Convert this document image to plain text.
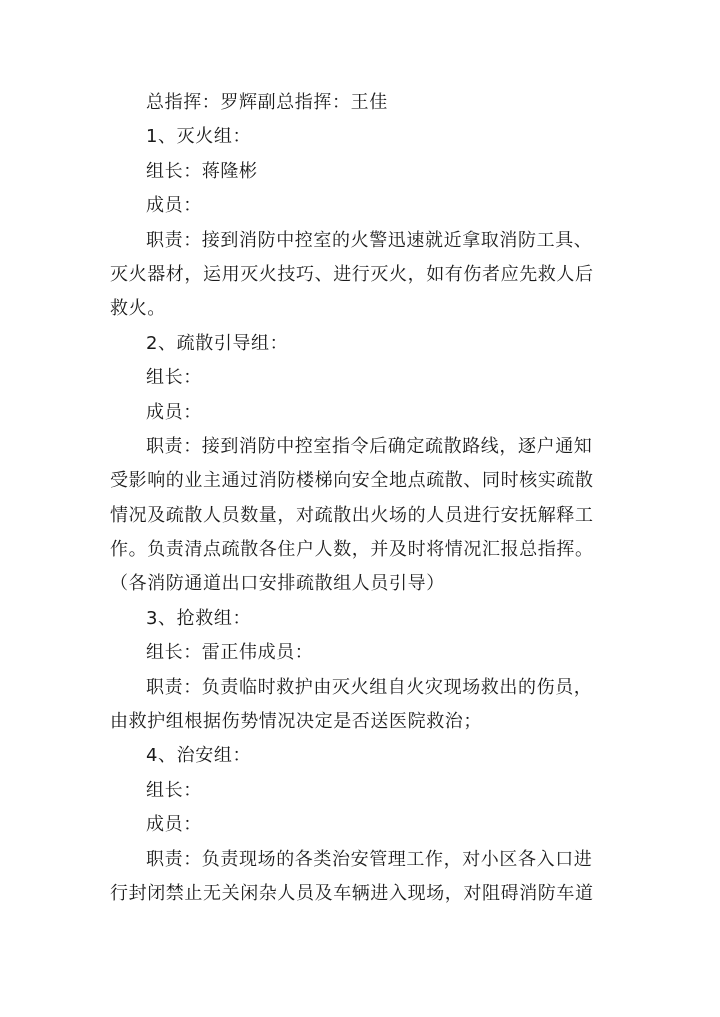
总指挥：罗辉副总指挥：王佳
1、灭火组：
组长：蒋隆彬
成员：
职责：接到消防中控室的火警迅速就近拿取消防工具、
灭火器材，运用灭火技巧、进行灭火，如有伤者应先救人后
救火。
2、疏散引导组：
组长：
成员：
职责：接到消防中控室指令后确定疏散路线，逐户通知
受影响的业主通过消防楼梯向安全地点疏散、同时核实疏散
情况及疏散人员数量，对疏散出火场的人员进行安抚解释工
作。负责清点疏散各住户人数，并及时将情况汇报总指挥。
（各消防通道出口安排疏散组人员引导）
3、抢救组：
组长：雷正伟成员：
职责：负责临时救护由灭火组自火灾现场救出的伤员，
由救护组根据伤势情况决定是否送医院救治；
4、治安组：
组长：
成员：
职责：负责现场的各类治安管理工作，对小区各入口进
行封闭禁止无关闲杂人员及车辆进入现场，对阻碍消防车道
